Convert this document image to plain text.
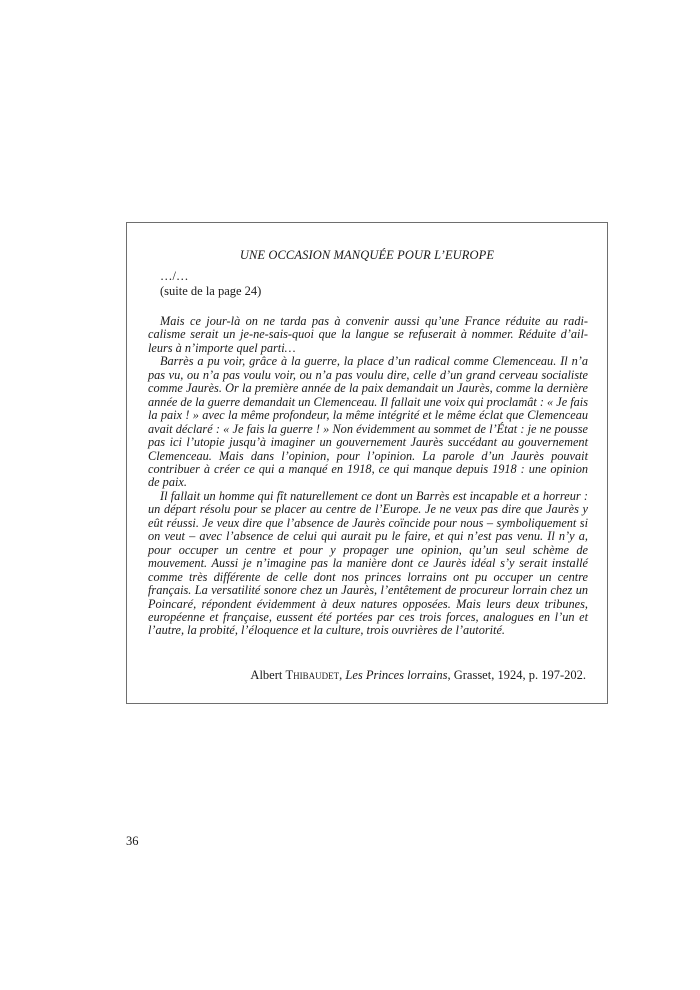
UNE OCCASION MANQUÉE POUR L’EUROPE
…/…
(suite de la page 24)

Mais ce jour-là on ne tarda pas à convenir aussi qu’une France réduite au radicalisme serait un je-ne-sais-quoi que la langue se refuserait à nommer. Réduite d’ailleurs à n’importe quel parti…

Barrès a pu voir, grâce à la guerre, la place d’un radical comme Clemenceau. Il n’a pas vu, ou n’a pas voulu voir, ou n’a pas voulu dire, celle d’un grand cerveau socialiste comme Jaurès. Or la première année de la paix demandait un Jaurès, comme la dernière année de la guerre demandait un Clemenceau. Il fallait une voix qui proclamât : « Je fais la paix ! » avec la même profondeur, la même intégrité et le même éclat que Clemenceau avait déclaré : « Je fais la guerre ! » Non évidemment au sommet de l’État : je ne pousse pas ici l’utopie jusqu’à imaginer un gouvernement Jaurès succédant au gouvernement Clemenceau. Mais dans l’opinion, pour l’opinion. La parole d’un Jaurès pouvait contribuer à créer ce qui a manqué en 1918, ce qui manque depuis 1918 : une opinion de paix.

Il fallait un homme qui fît naturellement ce dont un Barrès est incapable et a horreur : un départ résolu pour se placer au centre de l’Europe. Je ne veux pas dire que Jaurès y eût réussi. Je veux dire que l’absence de Jaurès coïncide pour nous – symboliquement si on veut – avec l’absence de celui qui aurait pu le faire, et qui n’est pas venu. Il n’y a, pour occuper un centre et pour y propager une opinion, qu’un seul schème de mouvement. Aussi je n’imagine pas la manière dont ce Jaurès idéal s’y serait installé comme très différente de celle dont nos princes lorrains ont pu occuper un centre français. La versatilité sonore chez un Jaurès, l’entêtement de procureur lorrain chez un Poincaré, répondent évidemment à deux natures opposées. Mais leurs deux tribunes, européenne et française, eussent été portées par ces trois forces, analogues en l’un et l’autre, la probité, l’éloquence et la culture, trois ouvrières de l’autorité.

Albert Thibaudet, Les Princes lorrains, Grasset, 1924, p. 197-202.
36
